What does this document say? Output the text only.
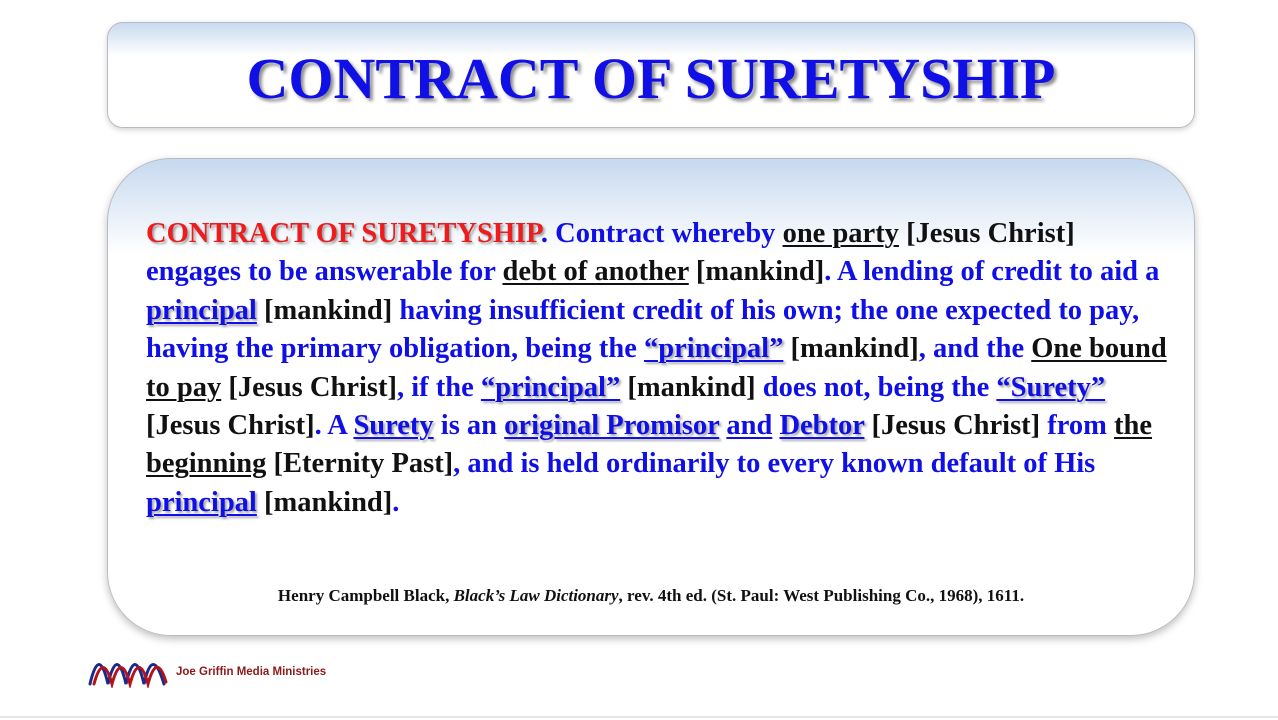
CONTRACT OF SURETYSHIP

CONTRACT OF SURETYSHIP. Contract whereby one party [Jesus Christ] engages to be answerable for debt of another [mankind]. A lending of credit to aid a principal [mankind] having insufficient credit of his own; the one expected to pay, having the primary obligation, being the “principal” [mankind], and the One bound to pay [Jesus Christ], if the “principal” [mankind] does not, being the “Surety” [Jesus Christ]. A Surety is an original Promisor and Debtor [Jesus Christ] from the beginning [Eternity Past], and is held ordinarily to every known default of His principal [mankind].

Henry Campbell Black, Black’s Law Dictionary, rev. 4th ed. (St. Paul: West Publishing Co., 1968), 1611.
Joe Griffin Media Ministries
